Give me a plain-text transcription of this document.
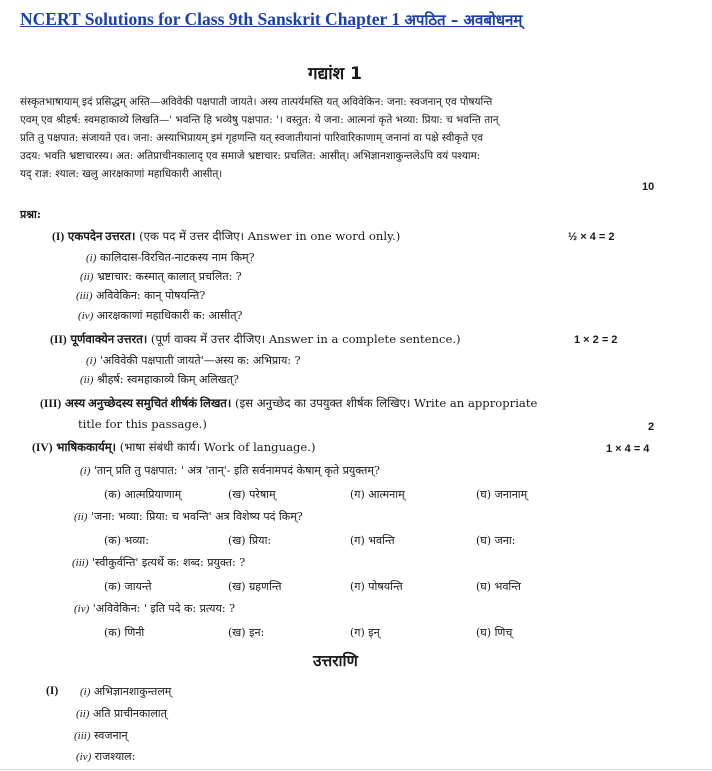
NCERT Solutions for Class 9th Sanskrit Chapter 1 अपठित – अवबोधनम्
गद्यांश 1
संस्कृतभाषायाम् इदं प्रसिद्धम् अस्ति—अविवेकी पक्षपाती जायते। अस्य तात्पर्यमस्ति यत् अविवेकिन: जना: स्वजनान् एव पोषयन्ति
एवम् एव श्रीहर्ष: स्वमहाकाव्ये लिखति—' भवन्ति हि भव्येषु पक्षपात: '। वस्तुत: ये जना: आत्मनां कृते भव्या: प्रिया: च भवन्ति तान्
प्रति तु पक्षपात: संजायते एव। जना: अस्याभिप्रायम् इमं गृहणन्ति यत् स्वजातीयानां पारिवारिकाणाम् जनानां वा पक्षे स्वीकृते एव
उदय: भवति भ्रष्टाचारस्य। अत: अतिप्राचीनकालाद् एव समाजे भ्रष्टाचार: प्रचलित: आसीत्। अभिज्ञानशाकुन्तलेऽपि वयं पश्याम:
यद् राज्ञ: श्याल: खलु आरक्षकाणां महाधिकारी आसीत्।
10
प्रश्ना:
(I) एकपदेन उत्तरत। (एक पद में उत्तर दीजिए। Answer in one word only.)	½ × 4 = 2
(i) कालिदास-विरचित-नाटकस्य नाम किम्?
(ii) भ्रष्टाचार: कस्मात् कालात् प्रचलित: ?
(iii) अविवेकिन: कान् पोषयन्ति?
(iv) आरक्षकाणां महाधिकारी क: आसीत्?
(II) पूर्णवाक्येन उत्तरत। (पूर्ण वाक्य में उत्तर दीजिए। Answer in a complete sentence.)	1 × 2 = 2
(i) 'अविवेकी पक्षपाती जायते'—अस्य क: अभिप्राय: ?
(ii) श्रीहर्ष: स्वमहाकाव्ये किम् अलिखत्?
(III) अस्य अनुच्छेदस्य समुचितं शीर्षकं लिखत। (इस अनुच्छेद का उपयुक्त शीर्षक लिखिए। Write an appropriate
title for this passage.)	2
(IV) भाषिककार्यम्। (भाषा संबंधी कार्य। Work of language.)	1 × 4 = 4
(i) 'तान् प्रति तु पक्षपात: ' अत्र 'तान्'- इति सर्वनामपदं केषाम् कृते प्रयुक्तम्?
(क) आत्मप्रियाणाम्	(ख) परेषाम्	(ग) आत्मनाम्	(घ) जनानाम्
(ii) 'जना: भव्या: प्रिया: च भवन्ति' अत्र विशेष्य पदं किम्?
(क) भव्या:	(ख) प्रिया:	(ग) भवन्ति	(घ) जना:
(iii) 'स्वीकुर्वन्ति' इत्यर्थे क: शब्द: प्रयुक्त: ?
(क) जायन्ते	(ख) ग्रहणन्ति	(ग) पोषयन्ति	(घ) भवन्ति
(iv) 'अविवेकिन: ' इति पदे क: प्रत्यय: ?
(क) णिनी	(ख) इन:	(ग) इन्	(घ) णिच्
उत्तराणि
(I) (i) अभिज्ञानशाकुन्तलम्
(ii) अति प्राचीनकालात्
(iii) स्वजनान्
(iv) राजश्याल:
